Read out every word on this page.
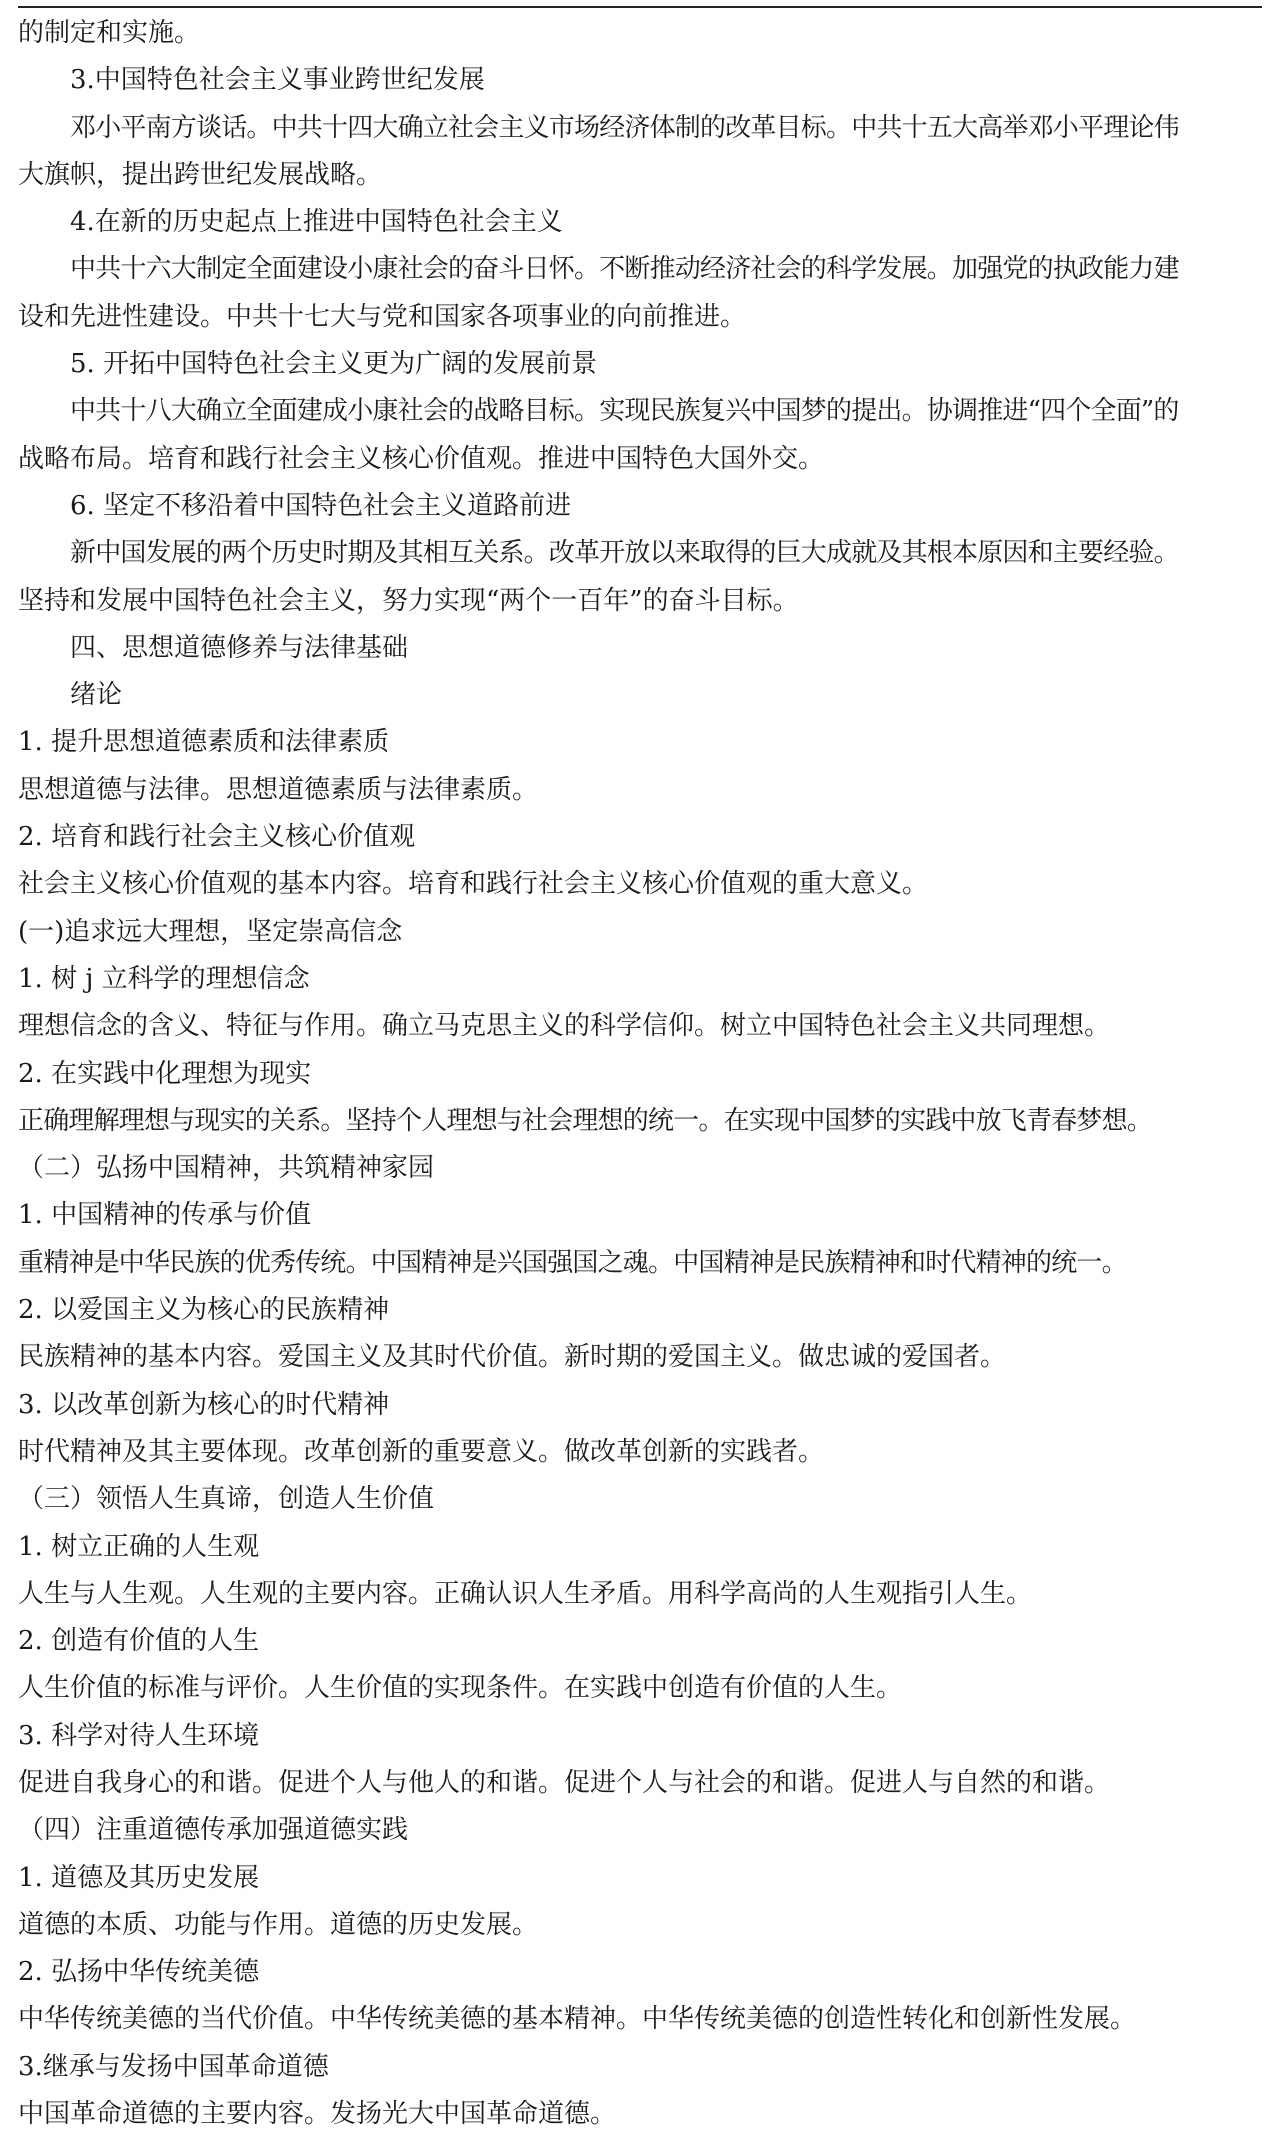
的制定和实施。
3.中国特色社会主义事业跨世纪发展
邓小平南方谈话。中共十四大确立社会主义市场经济体制的改革目标。中共十五大高举邓小平理论伟
大旗帜，提出跨世纪发展战略。
4.在新的历史起点上推进中国特色社会主义
中共十六大制定全面建设小康社会的奋斗日怀。不断推动经济社会的科学发展。加强党的执政能力建
设和先进性建设。中共十七大与党和国家各项事业的向前推进。
5. 开拓中国特色社会主义更为广阔的发展前景
中共十八大确立全面建成小康社会的战略目标。实现民族复兴中国梦的提出。协调推进“四个全面”的
战略布局。培育和践行社会主义核心价值观。推进中国特色大国外交。
6. 坚定不移沿着中国特色社会主义道路前进
新中国发展的两个历史时期及其相互关系。改革开放以来取得的巨大成就及其根本原因和主要经验。
坚持和发展中国特色社会主义，努力实现“两个一百年”的奋斗目标。
四、思想道德修养与法律基础
绪论
1. 提升思想道德素质和法律素质
思想道德与法律。思想道德素质与法律素质。
2. 培育和践行社会主义核心价值观
社会主义核心价值观的基本内容。培育和践行社会主义核心价值观的重大意义。
(一)追求远大理想，坚定崇高信念
1. 树 j 立科学的理想信念
理想信念的含义、特征与作用。确立马克思主义的科学信仰。树立中国特色社会主义共同理想。
2. 在实践中化理想为现实
正确理解理想与现实的关系。坚持个人理想与社会理想的统一。在实现中国梦的实践中放飞青春梦想。
（二）弘扬中国精神，共筑精神家园
1. 中国精神的传承与价值
重精神是中华民族的优秀传统。中国精神是兴国强国之魂。中国精神是民族精神和时代精神的统一。
2. 以爱国主义为核心的民族精神
民族精神的基本内容。爱国主义及其时代价值。新时期的爱国主义。做忠诚的爱国者。
3. 以改革创新为核心的时代精神
时代精神及其主要体现。改革创新的重要意义。做改革创新的实践者。
（三）领悟人生真谛，创造人生价值
1. 树立正确的人生观
人生与人生观。人生观的主要内容。正确认识人生矛盾。用科学高尚的人生观指引人生。
2. 创造有价值的人生
人生价值的标准与评价。人生价值的实现条件。在实践中创造有价值的人生。
3. 科学对待人生环境
促进自我身心的和谐。促进个人与他人的和谐。促进个人与社会的和谐。促进人与自然的和谐。
（四）注重道德传承加强道德实践
1. 道德及其历史发展
道德的本质、功能与作用。道德的历史发展。
2. 弘扬中华传统美德
中华传统美德的当代价值。中华传统美德的基本精神。中华传统美德的创造性转化和创新性发展。
3.继承与发扬中国革命道德
中国革命道德的主要内容。发扬光大中国革命道德。
